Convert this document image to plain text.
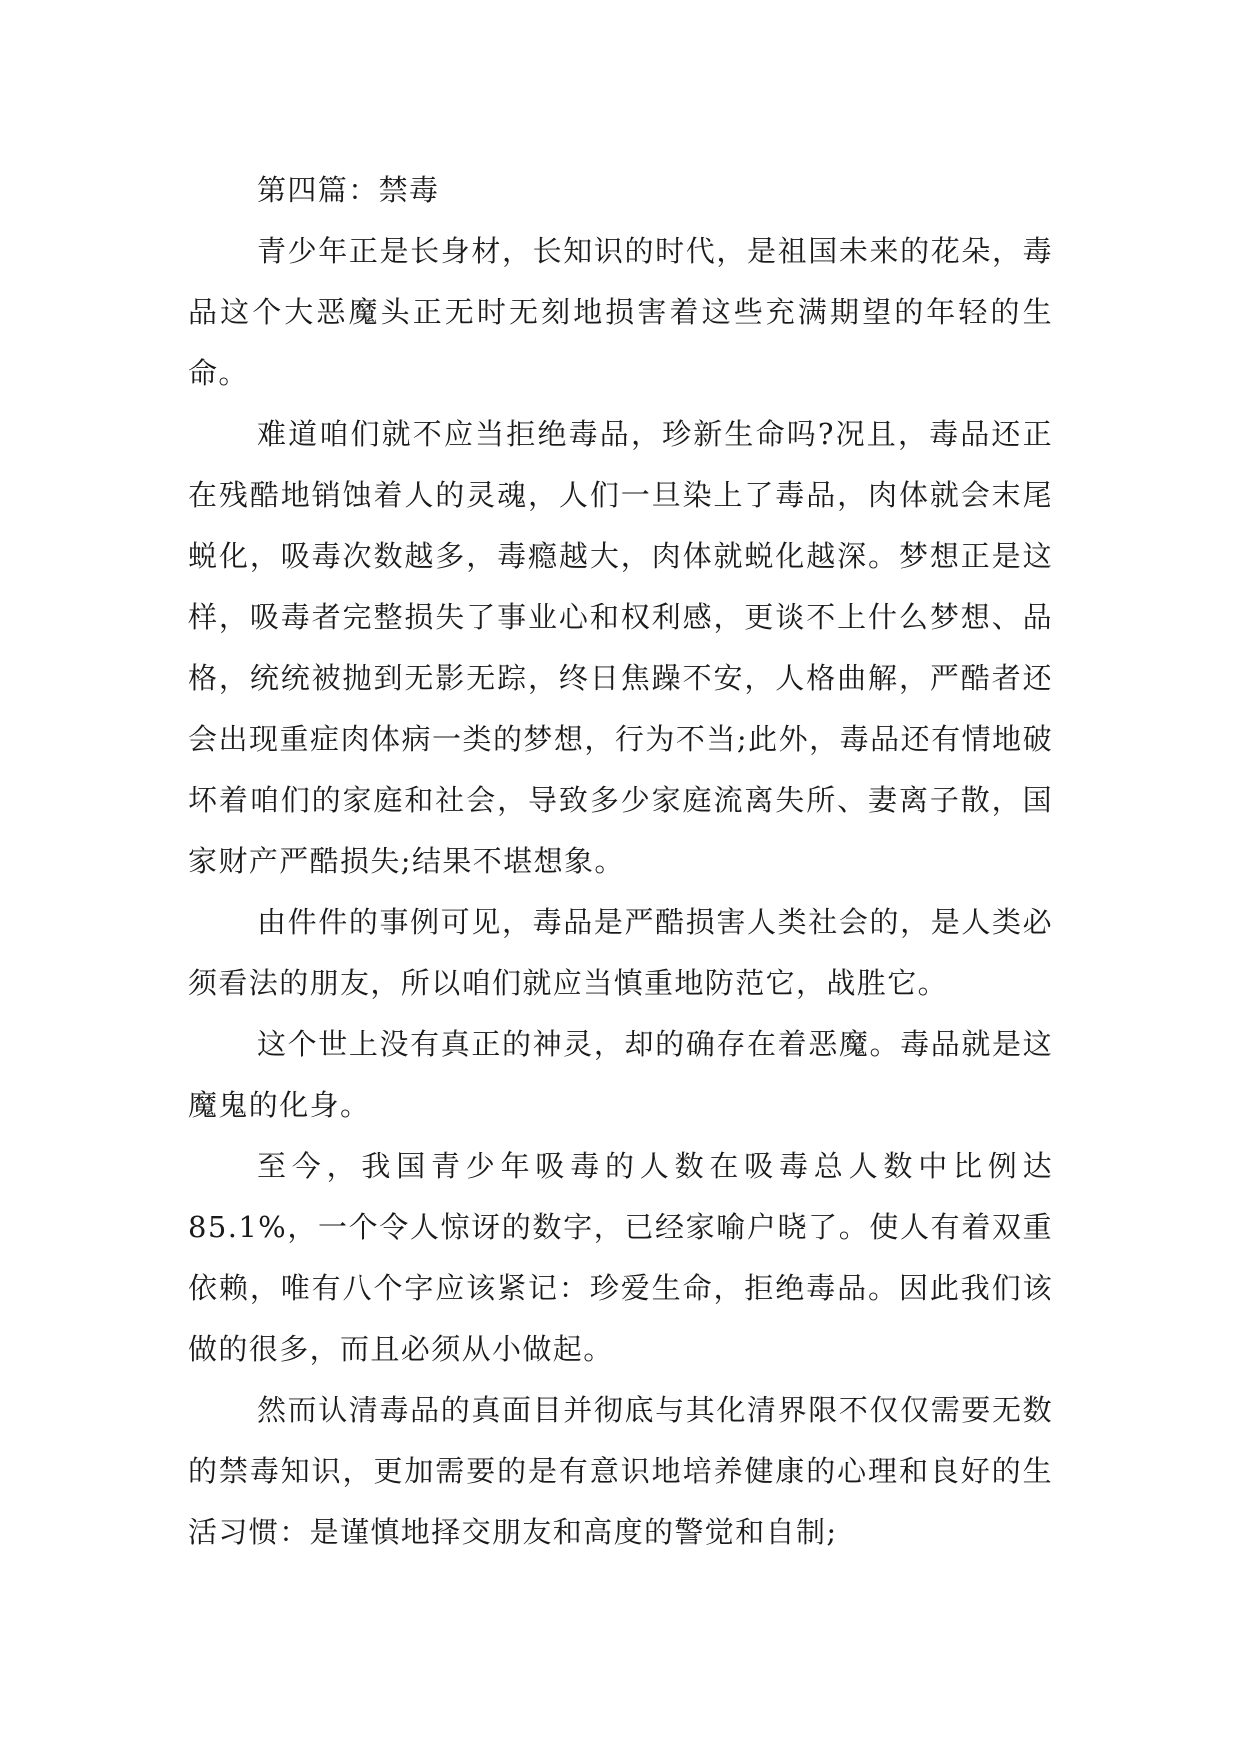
第四篇：禁毒

青少年正是长身材，长知识的时代，是祖国未来的花朵，毒品这个大恶魔头正无时无刻地损害着这些充满期望的年轻的生命。

难道咱们就不应当拒绝毒品，珍新生命吗?况且，毒品还正在残酷地销蚀着人的灵魂，人们一旦染上了毒品，肉体就会末尾蜕化，吸毒次数越多，毒瘾越大，肉体就蜕化越深。梦想正是这样，吸毒者完整损失了事业心和权利感，更谈不上什么梦想、品格，统统被抛到无影无踪，终日焦躁不安，人格曲解，严酷者还会出现重症肉体病一类的梦想，行为不当;此外，毒品还有情地破坏着咱们的家庭和社会，导致多少家庭流离失所、妻离子散，国家财产严酷损失;结果不堪想象。

由件件的事例可见，毒品是严酷损害人类社会的，是人类必须看法的朋友，所以咱们就应当慎重地防范它，战胜它。

这个世上没有真正的神灵，却的确存在着恶魔。毒品就是这魔鬼的化身。

至今，我国青少年吸毒的人数在吸毒总人数中比例达85.1%，一个令人惊讶的数字，已经家喻户晓了。使人有着双重依赖，唯有八个字应该紧记：珍爱生命，拒绝毒品。因此我们该做的很多，而且必须从小做起。

然而认清毒品的真面目并彻底与其化清界限不仅仅需要无数的禁毒知识，更加需要的是有意识地培养健康的心理和良好的生活习惯：是谨慎地择交朋友和高度的警觉和自制;
